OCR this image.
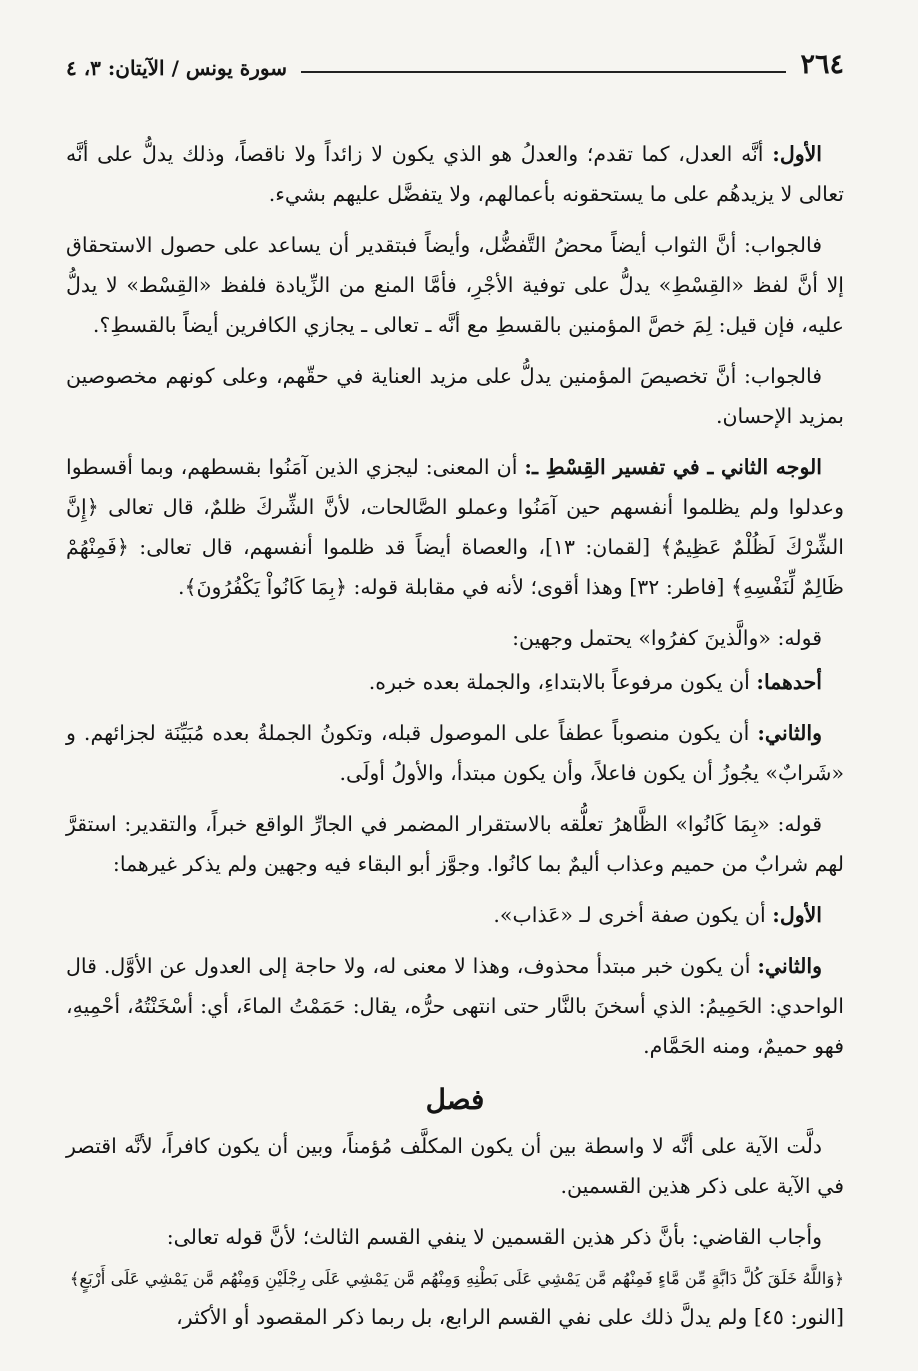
٢٦٤
سورة يونس / الآيتان: ٣، ٤

الأول: أنَّه العدل، كما تقدم؛ والعدلُ هو الذي يكون لا زائداً ولا ناقصاً، وذلك يدلُّ على أنَّه تعالى لا يزيدهُم على ما يستحقونه بأعمالهم، ولا يتفضَّل عليهم بشيء.

فالجواب: أنَّ الثواب أيضاً محضُ التَّفضُّل، وأيضاً فبتقدير أن يساعد على حصول الاستحقاق إلا أنَّ لفظ «القِسْطِ» يدلُّ على توفية الأجْرِ، فأمَّا المنع من الزِّيادة فلفظ «القِسْط» لا يدلُّ عليه، فإن قيل: لِمَ خصَّ المؤمنين بالقسطِ مع أنَّه ـ تعالى ـ يجازي الكافرين أيضاً بالقسطِ؟.

فالجواب: أنَّ تخصيصَ المؤمنين يدلُّ على مزيد العناية في حقّهم، وعلى كونهم مخصوصين بمزيد الإحسان.

الوجه الثاني ـ في تفسير القِسْطِ ـ: أن المعنى: ليجزي الذين آمَنُوا بقسطهم، وبما أقسطوا وعدلوا ولم يظلموا أنفسهم حين آمَنُوا وعملو الصَّالحات، لأنَّ الشِّركَ ظلمٌ، قال تعالى ﴿إِنَّ الشِّرْكَ لَظُلْمٌ عَظِيمٌ﴾ [لقمان: ١٣]، والعصاة أيضاً قد ظلموا أنفسهم، قال تعالى: ﴿فَمِنْهُمْ ظَالِمٌ لِّنَفْسِهِ﴾ [فاطر: ٣٢] وهذا أقوى؛ لأنه في مقابلة قوله: ﴿بِمَا كَانُواْ يَكْفُرُونَ﴾.

قوله: «والَّذينَ كفرُوا» يحتمل وجهين:

أحدهما: أن يكون مرفوعاً بالابتداءِ، والجملة بعده خبره.

والثاني: أن يكون منصوباً عطفاً على الموصول قبله، وتكونُ الجملةُ بعده مُبَيِّنَة لجزائهم. و «شَرابٌ» يجُوزُ أن يكون فاعلاً، وأن يكون مبتدأ، والأولُ أولَى.

قوله: «بِمَا كَانُوا» الظَّاهرُ تعلُّقه بالاستقرار المضمر في الجارِّ الواقع خبراً، والتقدير: استقرَّ لهم شرابٌ من حميم وعذاب أليمٌ بما كانُوا. وجوَّز أبو البقاء فيه وجهين ولم يذكر غيرهما:

الأول: أن يكون صفة أخرى لـ «عَذاب».

والثاني: أن يكون خبر مبتدأ محذوف، وهذا لا معنى له، ولا حاجة إلى العدول عن الأوَّل. قال الواحدي: الحَمِيمُ: الذي أسخنَ بالنَّار حتى انتهى حرُّه، يقال: حَمَمْتُ الماءَ، أي: أسْخَنْتُهُ، أحْمِيهِ، فهو حميمٌ، ومنه الحَمَّام.

فصل

دلَّت الآية على أنَّه لا واسطة بين أن يكون المكلَّف مُؤمناً، وبين أن يكون كافراً، لأنَّه اقتصر في الآية على ذكر هذين القسمين.

وأجاب القاضي: بأنَّ ذكر هذين القسمين لا ينفي القسم الثالث؛ لأنَّ قوله تعالى:

﴿وَاللَّهُ خَلَقَ كُلَّ دَابَّةٍ مِّن مَّاءٍ فَمِنْهُم مَّن يَمْشِي عَلَى بَطْنِهِ وَمِنْهُم مَّن يَمْشِي عَلَى رِجْلَيْنِ وَمِنْهُم مَّن يَمْشِي عَلَى أَرْبَعٍ﴾

[النور: ٤٥] ولم يدلَّ ذلك على نفي القسم الرابع، بل ربما ذكر المقصود أو الأكثر،
